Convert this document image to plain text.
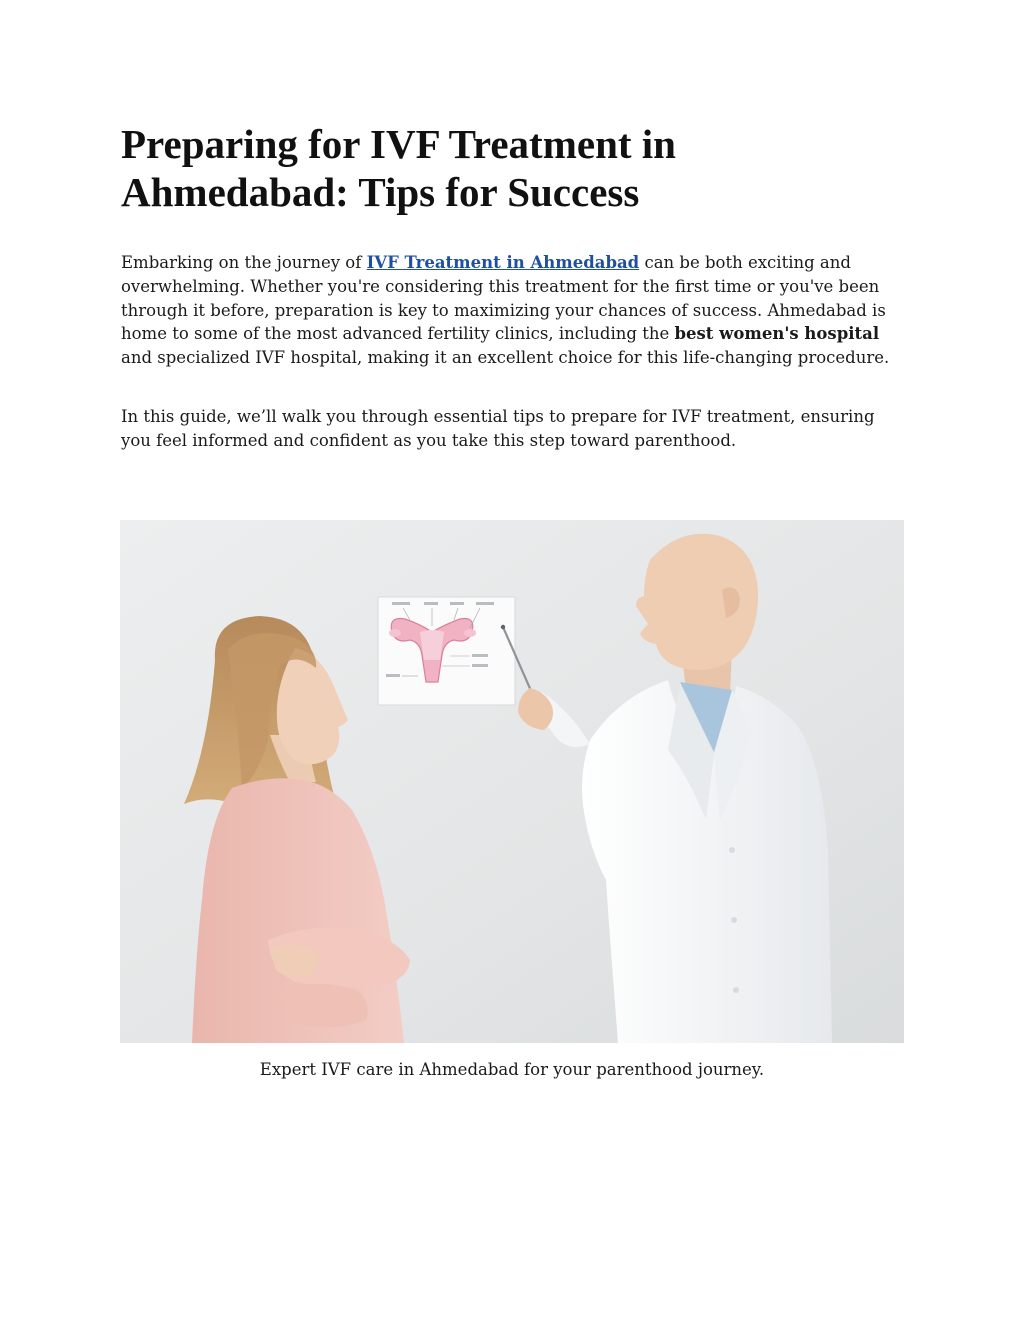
Preparing for IVF Treatment in Ahmedabad: Tips for Success

Embarking on the journey of IVF Treatment in Ahmedabad can be both exciting and overwhelming. Whether you're considering this treatment for the first time or you've been through it before, preparation is key to maximizing your chances of success. Ahmedabad is home to some of the most advanced fertility clinics, including the best women's hospital and specialized IVF hospital, making it an excellent choice for this life-changing procedure.

In this guide, we’ll walk you through essential tips to prepare for IVF treatment, ensuring you feel informed and confident as you take this step toward parenthood.

Expert IVF care in Ahmedabad for your parenthood journey.
